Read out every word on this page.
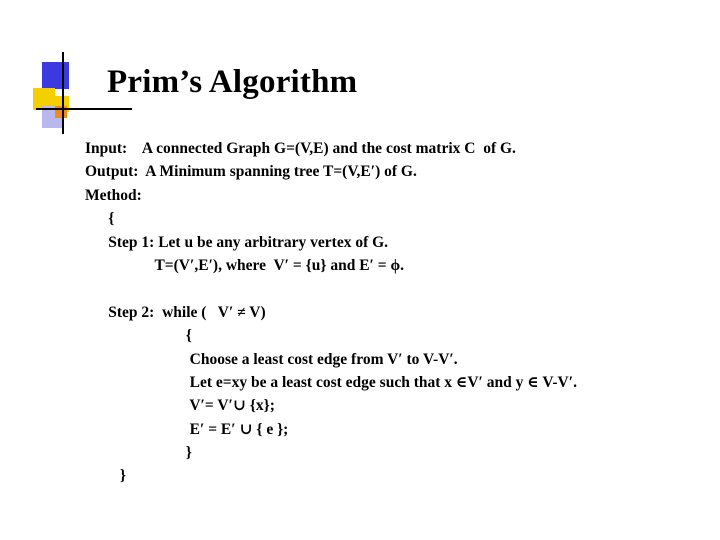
Prim’s Algorithm
Input:    A connected Graph G=(V,E) and the cost matrix C  of G.
Output:  A Minimum spanning tree T=(V,E′) of G.
Method:
{
Step 1: Let u be any arbitrary vertex of G.
T=(V′,E′), where  V′ = {u} and E′ = ϕ.
Step 2:  while (   V′ ≠ V)
{
Choose a least cost edge from V′ to V-V′.
Let e=xy be a least cost edge such that x ∈V′ and y ∈ V-V′.
V′= V′∪ {x};
E′ = E′ ∪ { e };
}
}
